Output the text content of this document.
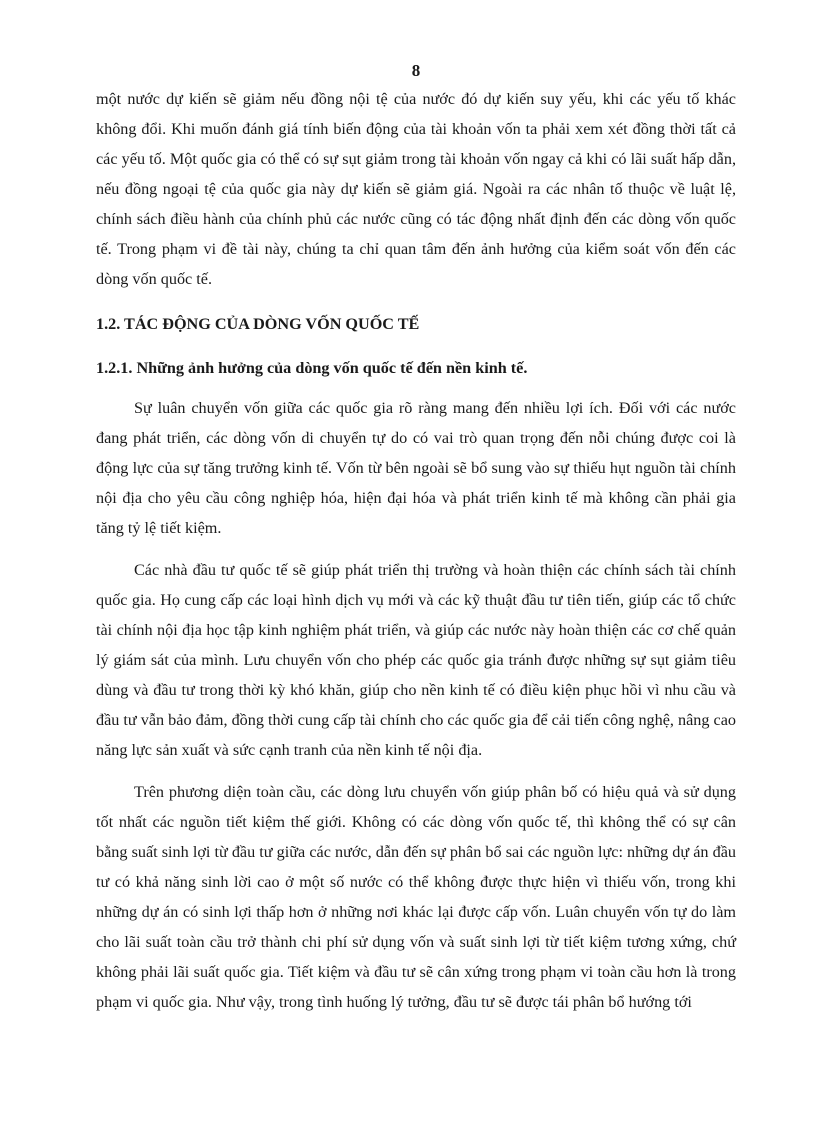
8

một nước dự kiến sẽ giảm nếu đồng nội tệ của nước đó dự kiến suy yếu, khi các yếu tố khác không đổi. Khi muốn đánh giá tính biến động của tài khoản vốn ta phải xem xét đồng thời tất cả các yếu tố. Một quốc gia có thể có sự sụt giảm trong tài khoản vốn ngay cả khi có lãi suất hấp dẫn, nếu đồng ngoại tệ của quốc gia này dự kiến sẽ giảm giá. Ngoài ra các nhân tố thuộc về luật lệ, chính sách điều hành của chính phủ các nước cũng có tác động nhất định đến các dòng vốn quốc tế. Trong phạm vi đề tài này, chúng ta chỉ quan tâm đến ảnh hưởng của kiểm soát vốn đến các dòng vốn quốc tế.

1.2. TÁC ĐỘNG CỦA DÒNG VỐN QUỐC TẾ

1.2.1. Những ảnh hưởng của dòng vốn quốc tế đến nền kinh tế.

Sự luân chuyển vốn giữa các quốc gia rõ ràng mang đến nhiều lợi ích. Đối với các nước đang phát triển, các dòng vốn di chuyển tự do có vai trò quan trọng đến nỗi chúng được coi là động lực của sự tăng trưởng kinh tế. Vốn từ bên ngoài sẽ bổ sung vào sự thiếu hụt nguồn tài chính nội địa cho yêu cầu công nghiệp hóa, hiện đại hóa và phát triển kinh tế mà không cần phải gia tăng tỷ lệ tiết kiệm.

Các nhà đầu tư quốc tế sẽ giúp phát triển thị trường và hoàn thiện các chính sách tài chính quốc gia. Họ cung cấp các loại hình dịch vụ mới và các kỹ thuật đầu tư tiên tiến, giúp các tổ chức tài chính nội địa học tập kinh nghiệm phát triển, và giúp các nước này hoàn thiện các cơ chế quản lý giám sát của mình. Lưu chuyển vốn cho phép các quốc gia tránh được những sự sụt giảm tiêu dùng và đầu tư trong thời kỳ khó khăn, giúp cho nền kinh tế có điều kiện phục hồi vì nhu cầu và đầu tư vẫn bảo đảm, đồng thời cung cấp tài chính cho các quốc gia để cải tiến công nghệ, nâng cao năng lực sản xuất và sức cạnh tranh của nền kinh tế nội địa.

Trên phương diện toàn cầu, các dòng lưu chuyển vốn giúp phân bố có hiệu quả và sử dụng tốt nhất các nguồn tiết kiệm thế giới. Không có các dòng vốn quốc tế, thì không thể có sự cân bằng suất sinh lợi từ đầu tư giữa các nước, dẫn đến sự phân bổ sai các nguồn lực: những dự án đầu tư có khả năng sinh lời cao ở một số nước có thể không được thực hiện vì thiếu vốn, trong khi những dự án có sinh lợi thấp hơn ở những nơi khác lại được cấp vốn. Luân chuyển vốn tự do làm cho lãi suất toàn cầu trở thành chi phí sử dụng vốn và suất sinh lợi từ tiết kiệm tương xứng, chứ không phải lãi suất quốc gia. Tiết kiệm và đầu tư sẽ cân xứng trong phạm vi toàn cầu hơn là trong phạm vi quốc gia. Như vậy, trong tình huống lý tưởng, đầu tư sẽ được tái phân bổ hướng tới
